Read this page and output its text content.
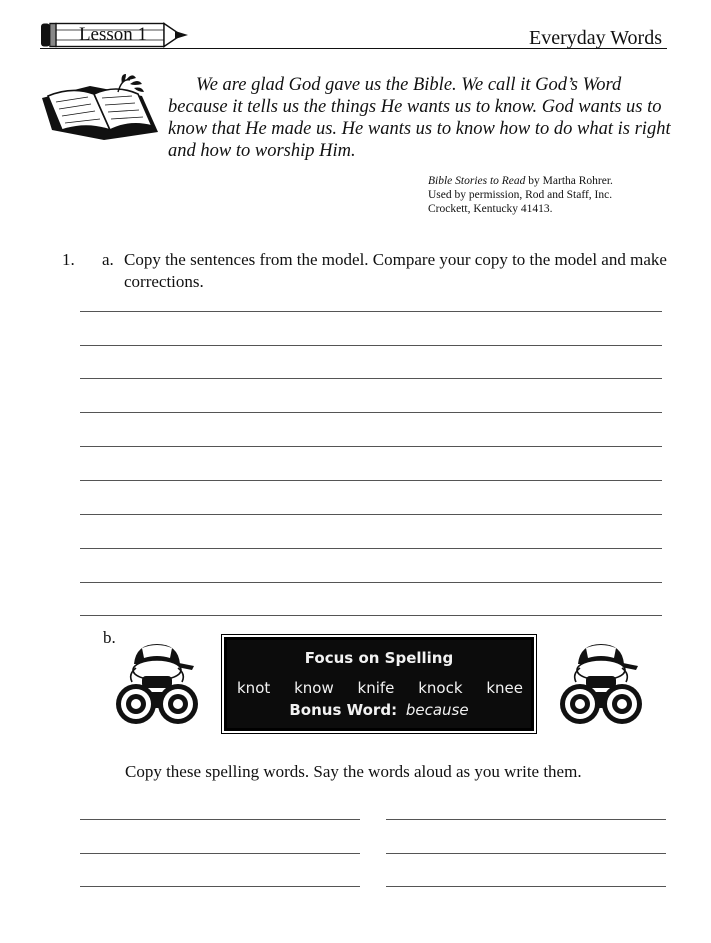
Lesson 1	Everyday Words

We are glad God gave us the Bible. We call it God’s Word because it tells us the things He wants us to know. God wants us to know that He made us. He wants us to know how to do what is right and how to worship Him.

Bible Stories to Read by Martha Rohrer.
Used by permission, Rod and Staff, Inc.
Crockett, Kentucky 41413.
1. a. Copy the sentences from the model. Compare your copy to the model and make corrections.

b.
Focus on Spelling
knot know knife knock knee
Bonus Word: because
Copy these spelling words. Say the words aloud as you write them.
